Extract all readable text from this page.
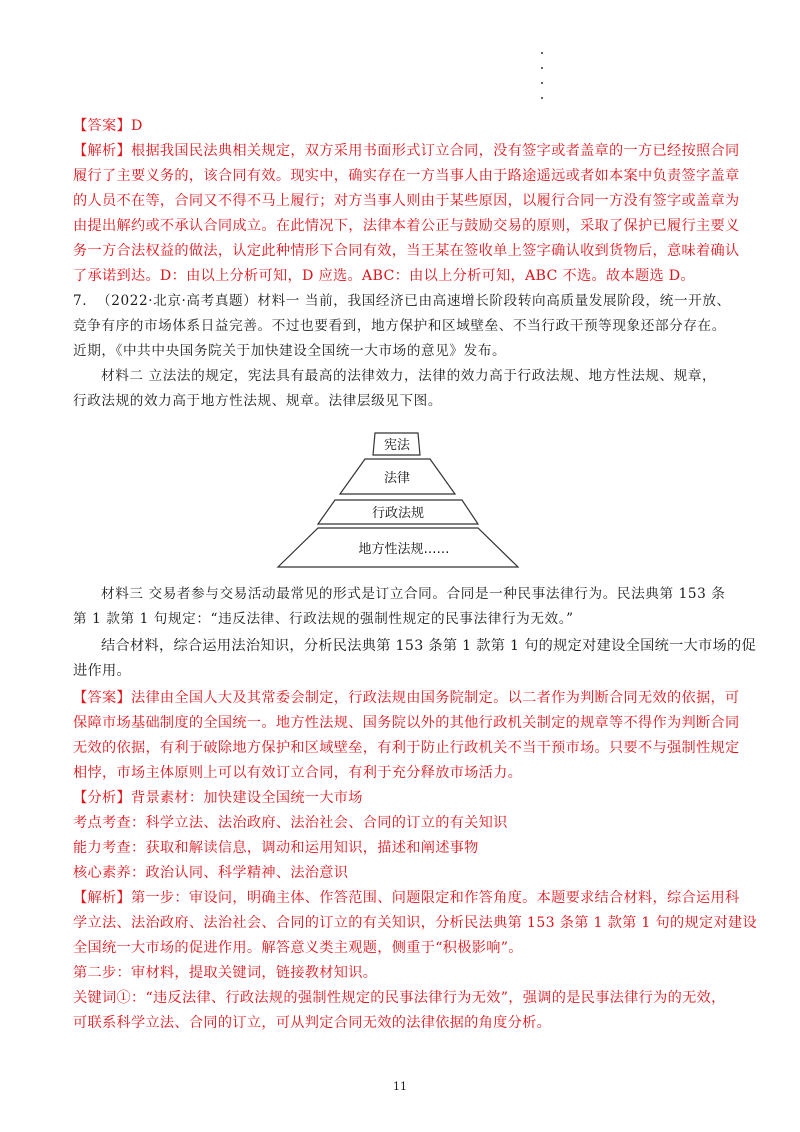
【答案】D
【解析】根据我国民法典相关规定，双方采用书面形式订立合同，没有签字或者盖章的一方已经按照合同
履行了主要义务的，该合同有效。现实中，确实存在一方当事人由于路途遥远或者如本案中负责签字盖章
的人员不在等，合同又不得不马上履行；对方当事人则由于某些原因，以履行合同一方没有签字或盖章为
由提出解约或不承认合同成立。在此情况下，法律本着公正与鼓励交易的原则，采取了保护已履行主要义
务一方合法权益的做法，认定此种情形下合同有效，当王某在签收单上签字确认收到货物后，意味着确认
了承诺到达。D：由以上分析可知，D 应选。ABC：由以上分析可知，ABC 不选。故本题选 D。
7. （2022·北京·高考真题）材料一 当前，我国经济已由高速增长阶段转向高质量发展阶段，统一开放、
竞争有序的市场体系日益完善。不过也要看到，地方保护和区域壁垒、不当行政干预等现象还部分存在。
近期，《中共中央国务院关于加快建设全国统一大市场的意见》发布。
材料二 立法法的规定，宪法具有最高的法律效力，法律的效力高于行政法规、地方性法规、规章，
行政法规的效力高于地方性法规、规章。法律层级见下图。
宪法
法律
行政法规
地方性法规……
材料三 交易者参与交易活动最常见的形式是订立合同。合同是一种民事法律行为。民法典第 153 条
第 1 款第 1 句规定：“违反法律、行政法规的强制性规定的民事法律行为无效。”
结合材料，综合运用法治知识，分析民法典第 153 条第 1 款第 1 句的规定对建设全国统一大市场的促
进作用。
【答案】法律由全国人大及其常委会制定，行政法规由国务院制定。以二者作为判断合同无效的依据，可
保障市场基础制度的全国统一。地方性法规、国务院以外的其他行政机关制定的规章等不得作为判断合同
无效的依据，有利于破除地方保护和区域壁垒，有利于防止行政机关不当干预市场。只要不与强制性规定
相悖，市场主体原则上可以有效订立合同，有利于充分释放市场活力。
【分析】背景素材：加快建设全国统一大市场
考点考查：科学立法、法治政府、法治社会、合同的订立的有关知识
能力考查：获取和解读信息，调动和运用知识，描述和阐述事物
核心素养：政治认同、科学精神、法治意识
【解析】第一步：审设问，明确主体、作答范围、问题限定和作答角度。本题要求结合材料，综合运用科
学立法、法治政府、法治社会、合同的订立的有关知识，分析民法典第 153 条第 1 款第 1 句的规定对建设
全国统一大市场的促进作用。解答意义类主观题，侧重于“积极影响”。
第二步：审材料，提取关键词，链接教材知识。
关键词①：“违反法律、行政法规的强制性规定的民事法律行为无效”，强调的是民事法律行为的无效，
可联系科学立法、合同的订立，可从判定合同无效的法律依据的角度分析。
11
